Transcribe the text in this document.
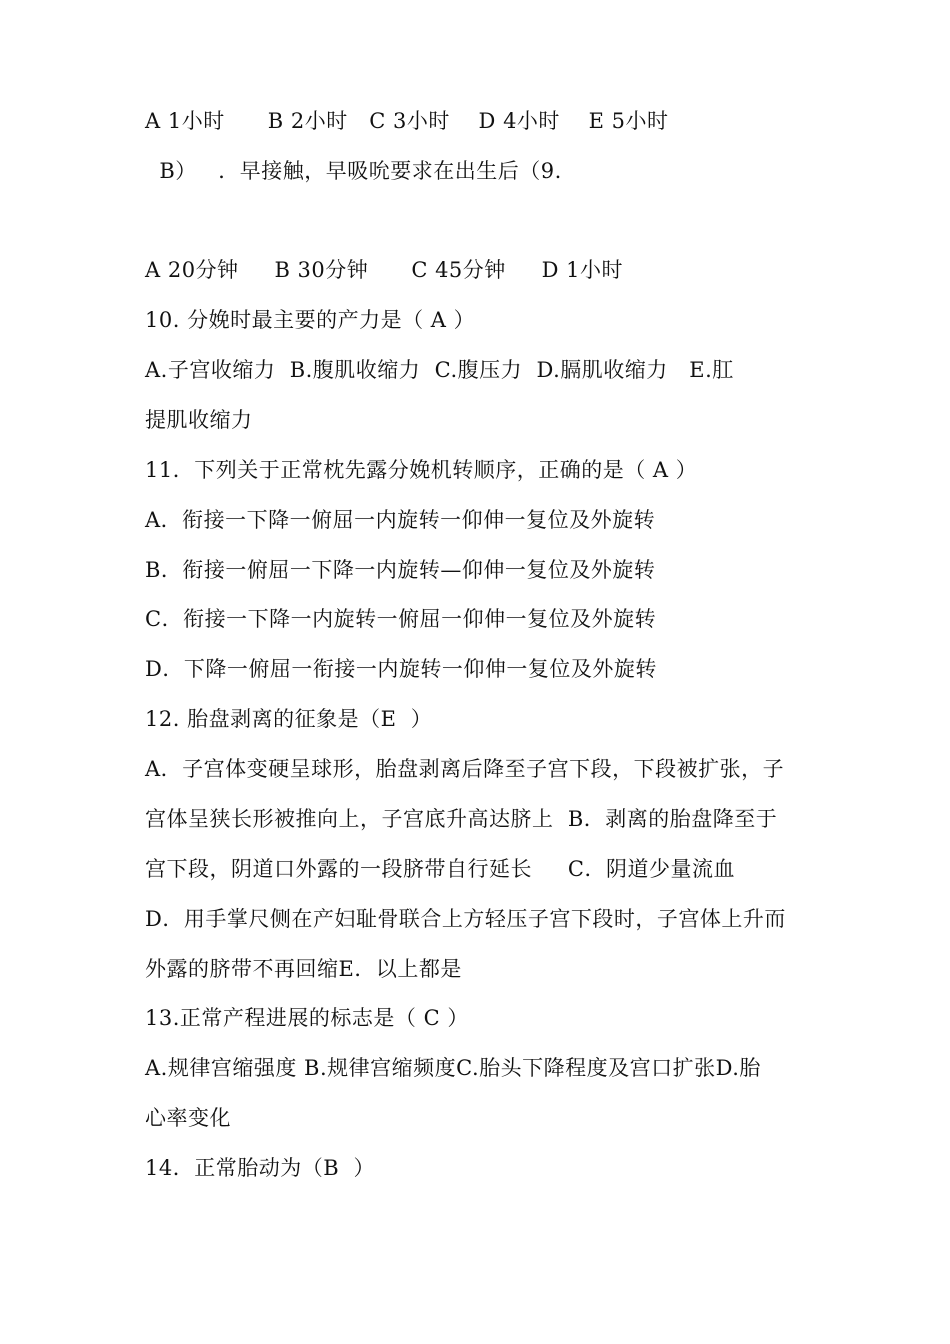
A 1小时      B 2小时   C 3小时    D 4小时    E 5小时
B）   ．早接触，早吸吮要求在出生后（9.
A 20分钟     B 30分钟      C 45分钟     D 1小时
10. 分娩时最主要的产力是（ A ）
A.子宫收缩力  B.腹肌收缩力  C.腹压力  D.膈肌收缩力   E.肛
提肌收缩力
11．下列关于正常枕先露分娩机转顺序，正确的是（ A ）
A．衔接一下降一俯屈一内旋转一仰伸一复位及外旋转
B．衔接一俯屈一下降一内旋转—仰伸一复位及外旋转
C．衔接一下降一内旋转一俯屈一仰伸一复位及外旋转
D．下降一俯屈一衔接一内旋转一仰伸一复位及外旋转
12. 胎盘剥离的征象是（E  ）
A．子宫体变硬呈球形，胎盘剥离后降至子宫下段，下段被扩张，子
宫体呈狭长形被推向上，子宫底升高达脐上  B．剥离的胎盘降至于
宫下段，阴道口外露的一段脐带自行延长     C．阴道少量流血
D．用手掌尺侧在产妇耻骨联合上方轻压子宫下段时，子宫体上升而
外露的脐带不再回缩E．以上都是
13.正常产程进展的标志是（ C ）
A.规律宫缩强度 B.规律宫缩频度C.胎头下降程度及宫口扩张D.胎
心率变化
14．正常胎动为（B  ）
